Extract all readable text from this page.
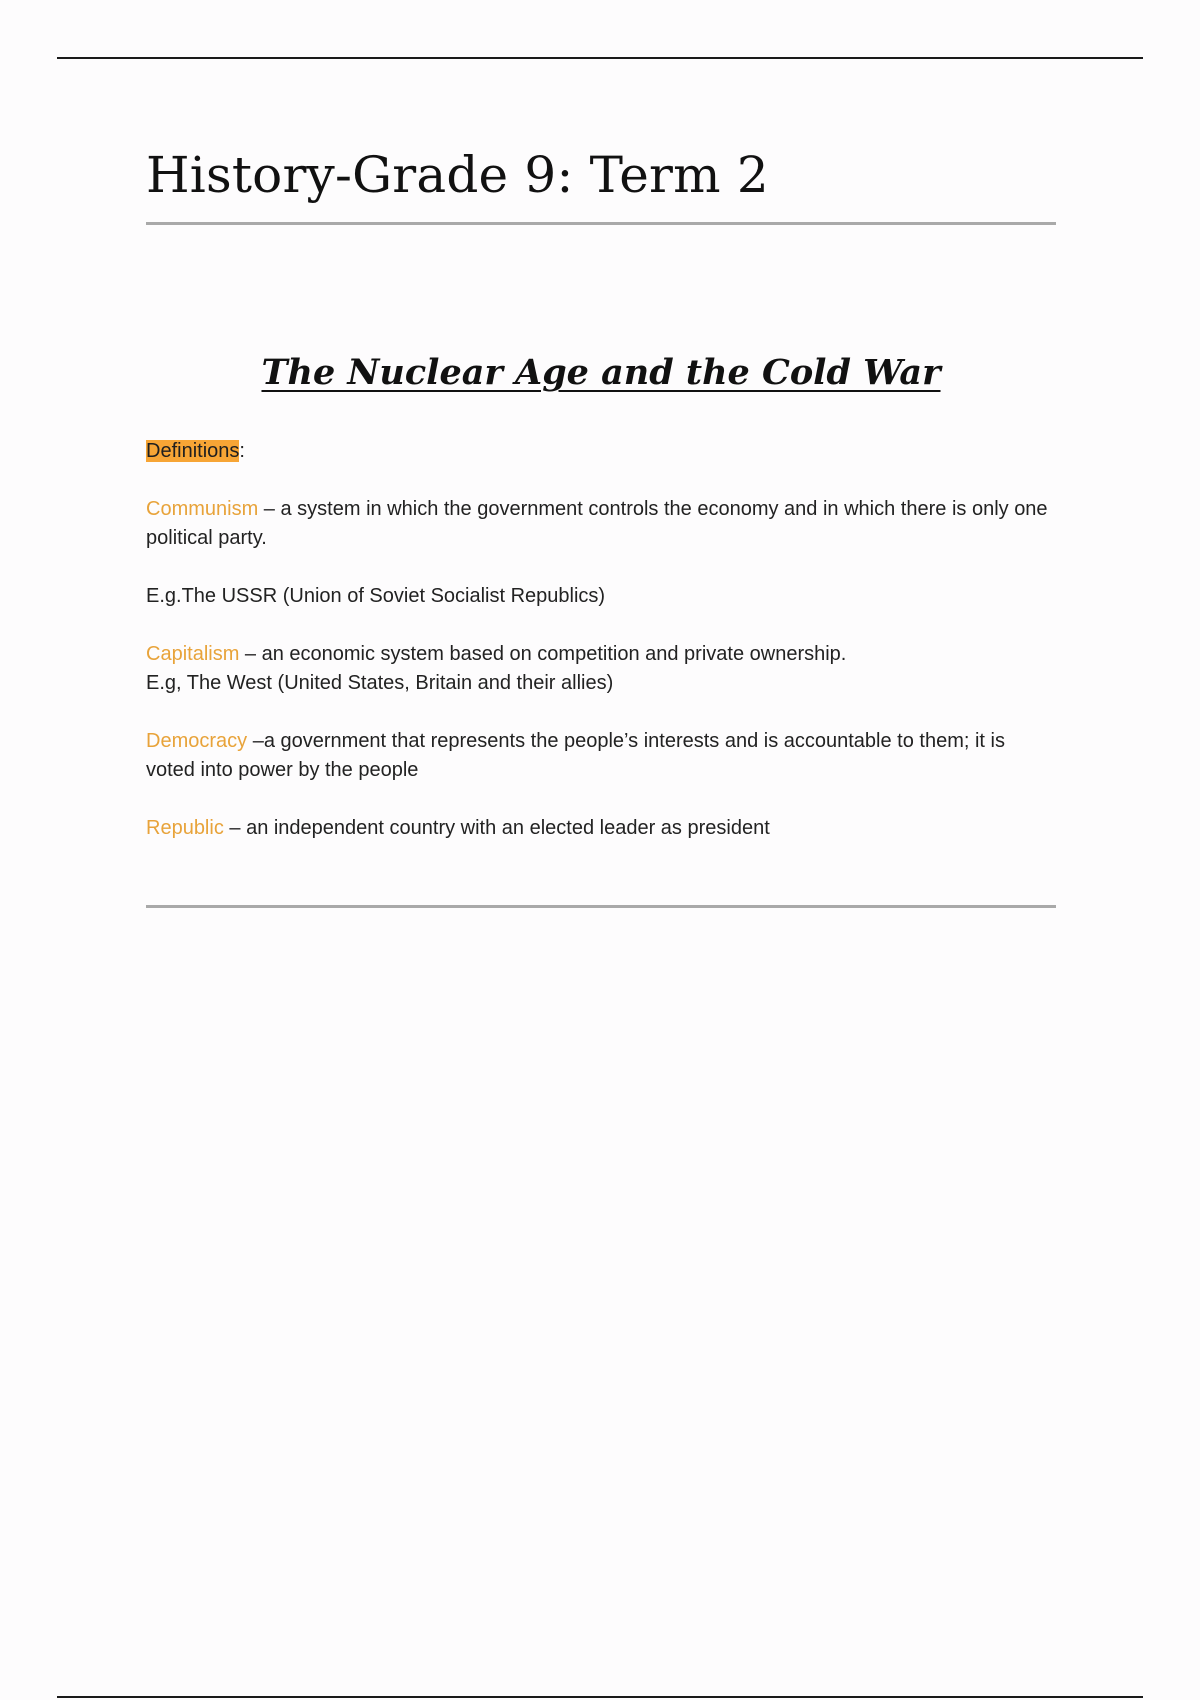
History-Grade 9: Term 2
The Nuclear Age and the Cold War
Definitions:
Communism – a system in which the government controls the economy and in which there is only one political party.
E.g.The USSR (Union of Soviet Socialist Republics)
Capitalism – an economic system based on competition and private ownership.
E.g, The West (United States, Britain and their allies)
Democracy –a government that represents the people’s interests and is accountable to them; it is voted into power by the people
Republic – an independent country with an elected leader as president
